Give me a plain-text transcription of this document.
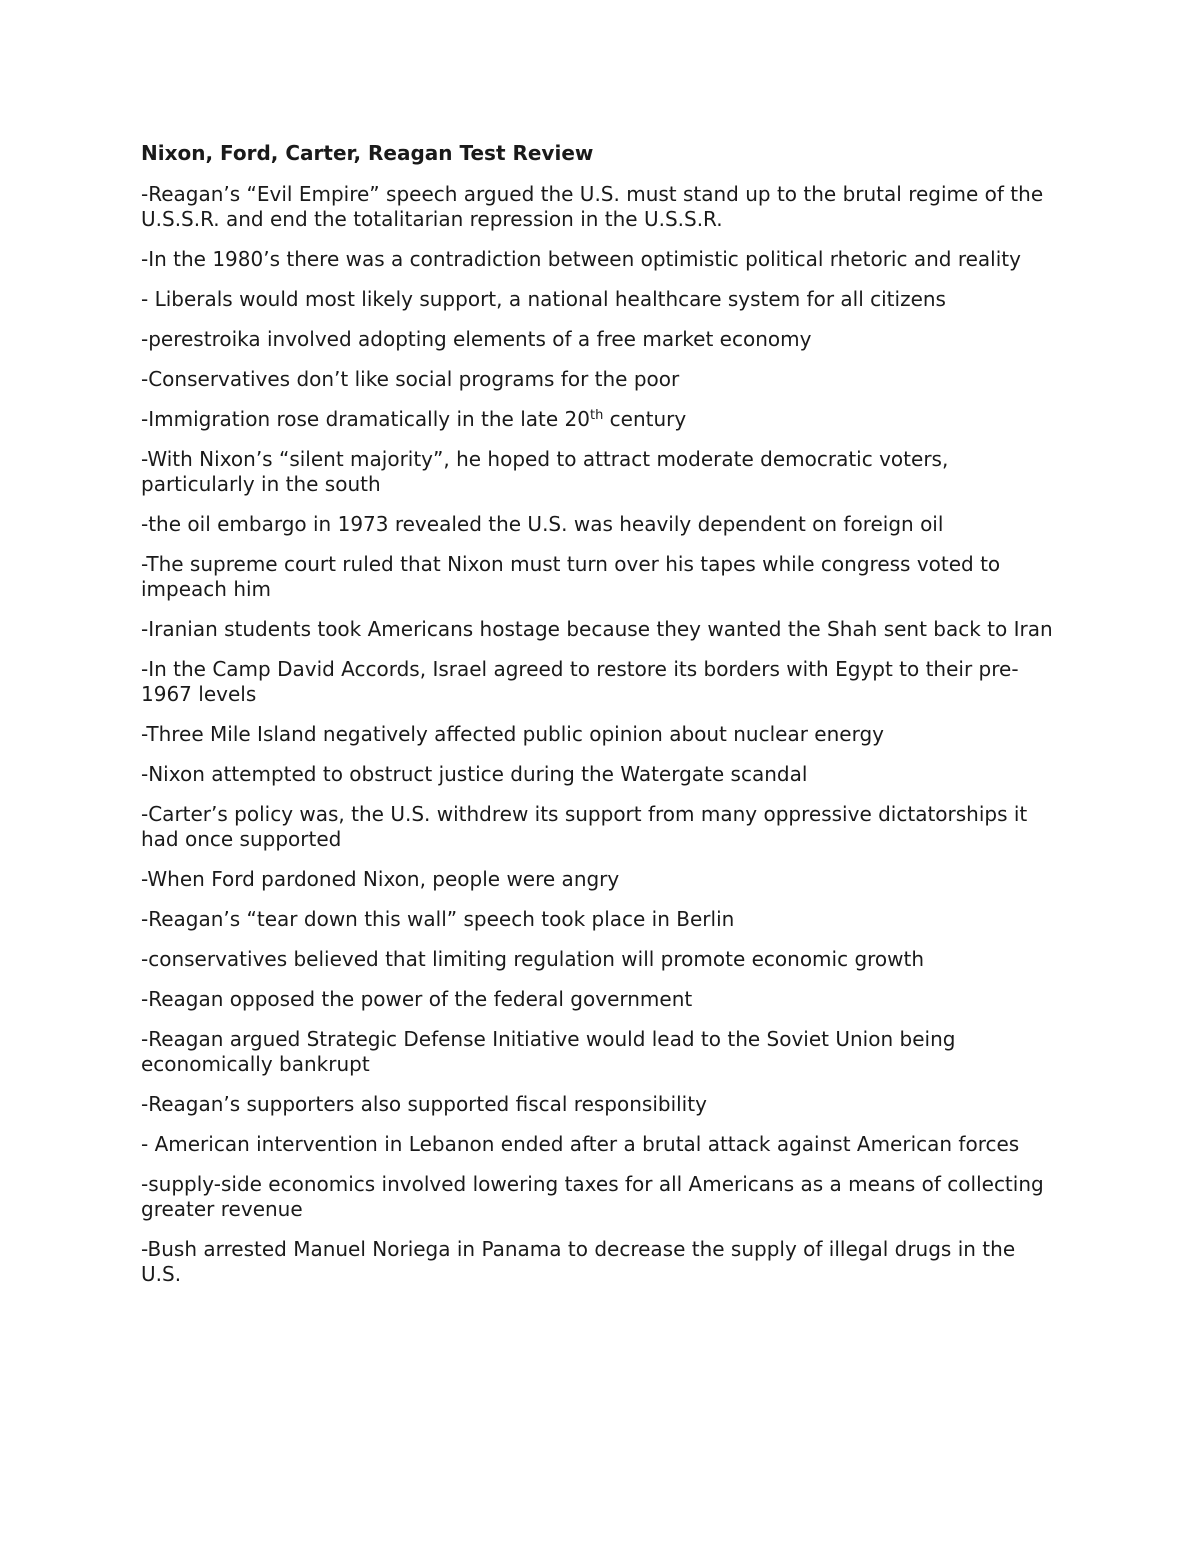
Nixon, Ford, Carter, Reagan Test Review
-Reagan’s “Evil Empire” speech argued the U.S. must stand up to the brutal regime of the U.S.S.R. and end the totalitarian repression in the U.S.S.R.
-In the 1980’s there was a contradiction between optimistic political rhetoric and reality
- Liberals would most likely support, a national healthcare system for all citizens
-perestroika involved adopting elements of a free market economy
-Conservatives don’t like social programs for the poor
-Immigration rose dramatically in the late 20th century
-With Nixon’s “silent majority”, he hoped to attract moderate democratic voters, particularly in the south
-the oil embargo in 1973 revealed the U.S. was heavily dependent on foreign oil
-The supreme court ruled that Nixon must turn over his tapes while congress voted to impeach him
-Iranian students took Americans hostage because they wanted the Shah sent back to Iran
-In the Camp David Accords, Israel agreed to restore its borders with Egypt to their pre-1967 levels
-Three Mile Island negatively affected public opinion about nuclear energy
-Nixon attempted to obstruct justice during the Watergate scandal
-Carter’s policy was, the U.S. withdrew its support from many oppressive dictatorships it had once supported
-When Ford pardoned Nixon, people were angry
-Reagan’s “tear down this wall” speech took place in Berlin
-conservatives believed that limiting regulation will promote economic growth
-Reagan opposed the power of the federal government
-Reagan argued Strategic Defense Initiative would lead to the Soviet Union being economically bankrupt
-Reagan’s supporters also supported fiscal responsibility
- American intervention in Lebanon ended after a brutal attack against American forces
-supply-side economics involved lowering taxes for all Americans as a means of collecting greater revenue
-Bush arrested Manuel Noriega in Panama to decrease the supply of illegal drugs in the U.S.
